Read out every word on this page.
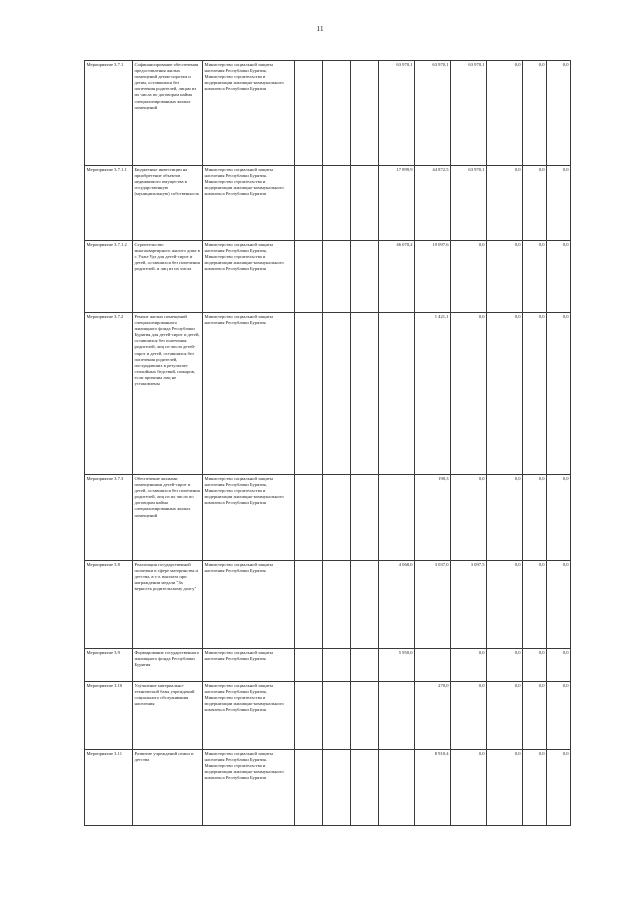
11
Мероприятие 3.7.1	Софинансирование обеспечения предоставления жилых помещений детям-сиротам и детям, оставшимся без попечения родителей, лицам из их числа по договорам найма специализированных жилых помещений	Министерство социальной защиты населения Республики Бурятия, Министерство строительства и модернизации жилищно-коммунального комплекса Республики Бурятия				63 970,1	63 970,1	63 970,1	0,0	0,0	0,0
Мероприятие 3.7.1.1	Бюджетные инвестиции на приобретение объектов недвижимого имущества в государственную (муниципальную) собственность	Министерство социальной защиты населения Республики Бурятия, Министерство строительства и модернизации жилищно-коммунального комплекса Республики Бурятия				17 899,9	44 872,5	63 970,1	0,0	0,0	0,0
Мероприятие 3.7.1.2	Строительство многоквартирного жилого дома в г. Улан-Удэ для детей-сирот и детей, оставшихся без попечения родителей, и лиц из их числа	Министерство социальной защиты населения Республики Бурятия, Министерство строительства и модернизации жилищно-коммунального комплекса Республики Бурятия				46 070,2	19 097,6	0,0	0,0	0,0	0,0
Мероприятие 3.7.2	Ремонт жилых помещений специализированного жилищного фонда Республики Бурятия для детей-сирот и детей, оставшихся без попечения родителей, лиц из числа детей-сирот и детей, оставшихся без попечения родителей, пострадавших в результате стихийных бедствий, пожаров, если причины лиц не установлены	Министерство социальной защиты населения Республики Бурятия					1 421,1	0,0	0,0	0,0	0,0
Мероприятие 3.7.3	Обеспечение жилыми помещениями детей-сирот и детей, оставшихся без попечения родителей, лиц из их числа по договорам найма специализированных жилых помещений	Министерство социальной защиты населения Республики Бурятия, Министерство строительства и модернизации жилищно-коммунального комплекса Республики Бурятия					190,3	0,0	0,0	0,0	0,0
Мероприятие 3.8	Реализация государственной политики в сфере материнства и детства, в т.ч. выплата при награждении медали "За верность родительскому долгу"	Министерство социальной защиты населения Республики Бурятия				4 068,0	3 037,0	3 097,5	0,0	0,0	0,0
Мероприятие 3.9	Формирование государственного жилищного фонда Республики Бурятия	Министерство социальной защиты населения Республики Бурятия				5 950,0		0,0	0,0	0,0	0,0
Мероприятие 3.10	Улучшение материально-технической базы учреждений социального обслуживания населения	Министерство социальной защиты населения Республики Бурятия, Министерство строительства и модернизации жилищно-коммунального комплекса Республики Бурятия					270,0	0,0	0,0	0,0	0,0
Мероприятие 3.11	Развитие учреждений семьи и детства	Министерство социальной защиты населения Республики Бурятия, Министерство строительства и модернизации жилищно-коммунального комплекса Республики Бурятия					8 910,4	0,0	0,0	0,0	0,0
